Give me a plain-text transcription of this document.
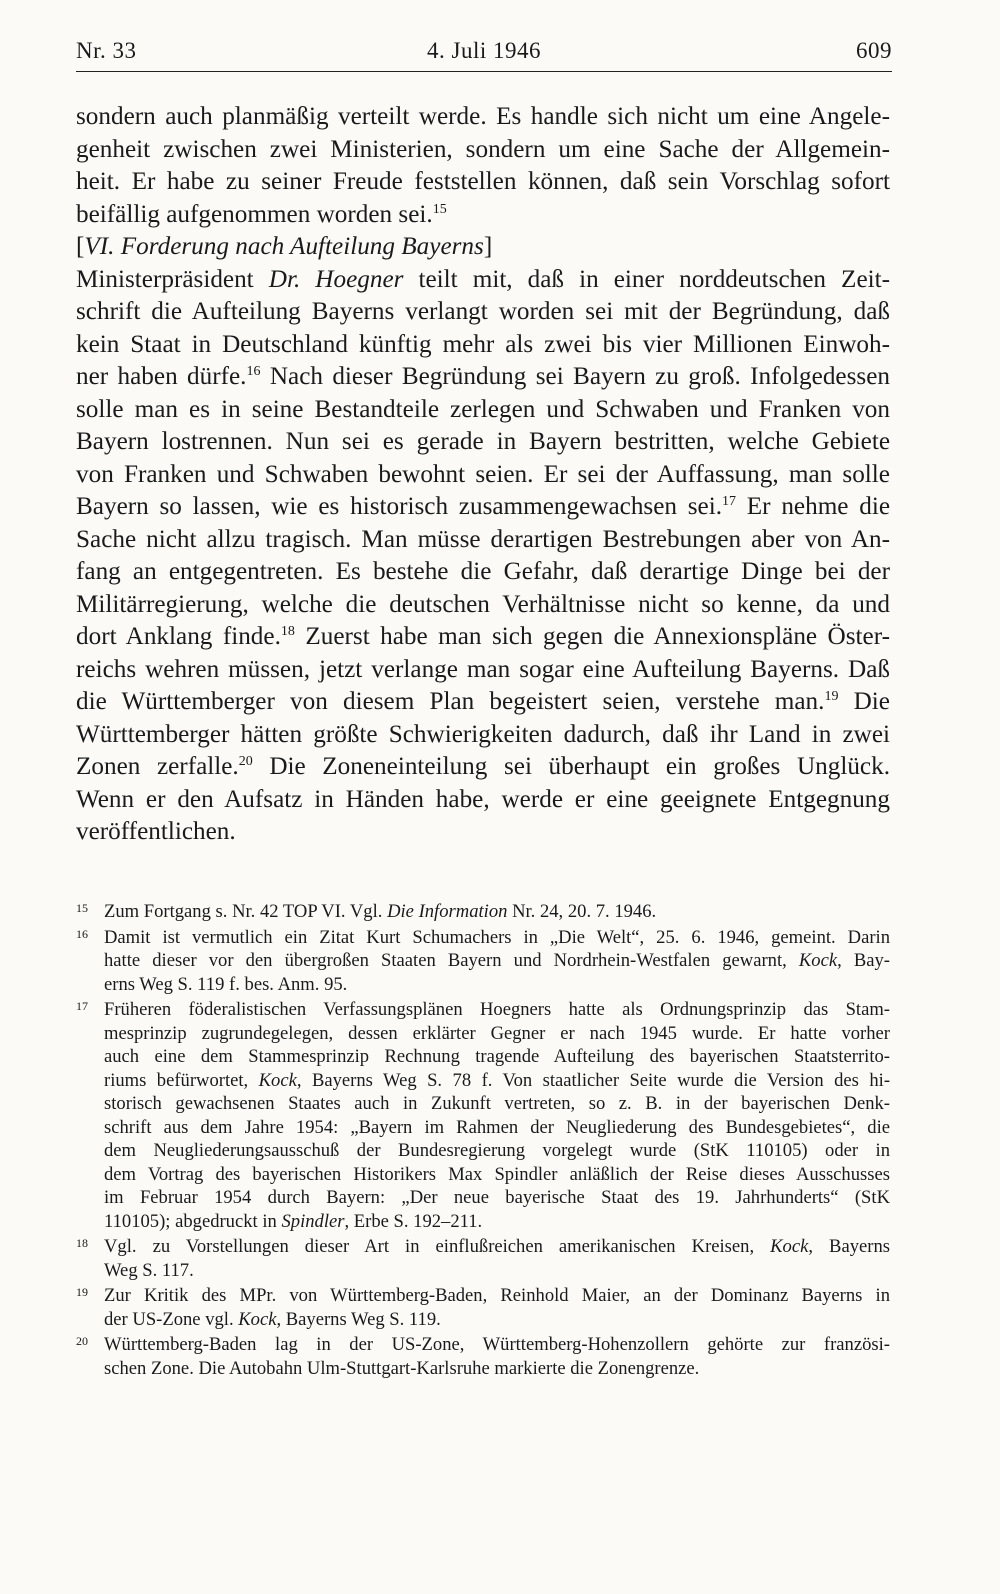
Nr. 33	4. Juli 1946	609

sondern auch planmäßig verteilt werde. Es handle sich nicht um eine Angele-
genheit zwischen zwei Ministerien, sondern um eine Sache der Allgemein-
heit. Er habe zu seiner Freude feststellen können, daß sein Vorschlag sofort
beifällig aufgenommen worden sei.$^{15}$

[VI. Forderung nach Aufteilung Bayerns]

Ministerpräsident Dr. Hoegner teilt mit, daß in einer norddeutschen Zeit-
schrift die Aufteilung Bayerns verlangt worden sei mit der Begründung, daß
kein Staat in Deutschland künftig mehr als zwei bis vier Millionen Einwoh-
ner haben dürfe.$^{16}$ Nach dieser Begründung sei Bayern zu groß. Infolgedessen
solle man es in seine Bestandteile zerlegen und Schwaben und Franken von
Bayern lostrennen. Nun sei es gerade in Bayern bestritten, welche Gebiete
von Franken und Schwaben bewohnt seien. Er sei der Auffassung, man solle
Bayern so lassen, wie es historisch zusammengewachsen sei.$^{17}$ Er nehme die
Sache nicht allzu tragisch. Man müsse derartigen Bestrebungen aber von An-
fang an entgegentreten. Es bestehe die Gefahr, daß derartige Dinge bei der
Militärregierung, welche die deutschen Verhältnisse nicht so kenne, da und
dort Anklang finde.$^{18}$ Zuerst habe man sich gegen die Annexionspläne Öster-
reichs wehren müssen, jetzt verlange man sogar eine Aufteilung Bayerns. Daß
die Württemberger von diesem Plan begeistert seien, verstehe man.$^{19}$ Die
Württemberger hätten größte Schwierigkeiten dadurch, daß ihr Land in zwei
Zonen zerfalle.$^{20}$ Die Zoneneinteilung sei überhaupt ein großes Unglück.
Wenn er den Aufsatz in Händen habe, werde er eine geeignete Entgegnung
veröffentlichen.

15 Zum Fortgang s. Nr. 42 TOP VI. Vgl. Die Information Nr. 24, 20. 7. 1946.
16 Damit ist vermutlich ein Zitat Kurt Schumachers in „Die Welt“, 25. 6. 1946, gemeint. Darin
hatte dieser vor den übergroßen Staaten Bayern und Nordrhein-Westfalen gewarnt, Kock, Bay-
erns Weg S. 119 f. bes. Anm. 95.
17 Früheren föderalistischen Verfassungsplänen Hoegners hatte als Ordnungsprinzip das Stam-
mesprinzip zugrundegelegen, dessen erklärter Gegner er nach 1945 wurde. Er hatte vorher
auch eine dem Stammesprinzip Rechnung tragende Aufteilung des bayerischen Staatsterrito-
riums befürwortet, Kock, Bayerns Weg S. 78 f. Von staatlicher Seite wurde die Version des hi-
storisch gewachsenen Staates auch in Zukunft vertreten, so z. B. in der bayerischen Denk-
schrift aus dem Jahre 1954: „Bayern im Rahmen der Neugliederung des Bundesgebietes“, die
dem Neugliederungsausschuß der Bundesregierung vorgelegt wurde (StK 110105) oder in
dem Vortrag des bayerischen Historikers Max Spindler anläßlich der Reise dieses Ausschusses
im Februar 1954 durch Bayern: „Der neue bayerische Staat des 19. Jahrhunderts“ (StK
110105); abgedruckt in Spindler, Erbe S. 192–211.
18 Vgl. zu Vorstellungen dieser Art in einflußreichen amerikanischen Kreisen, Kock, Bayerns
Weg S. 117.
19 Zur Kritik des MPr. von Württemberg-Baden, Reinhold Maier, an der Dominanz Bayerns in
der US-Zone vgl. Kock, Bayerns Weg S. 119.
20 Württemberg-Baden lag in der US-Zone, Württemberg-Hohenzollern gehörte zur französi-
schen Zone. Die Autobahn Ulm-Stuttgart-Karlsruhe markierte die Zonengrenze.
